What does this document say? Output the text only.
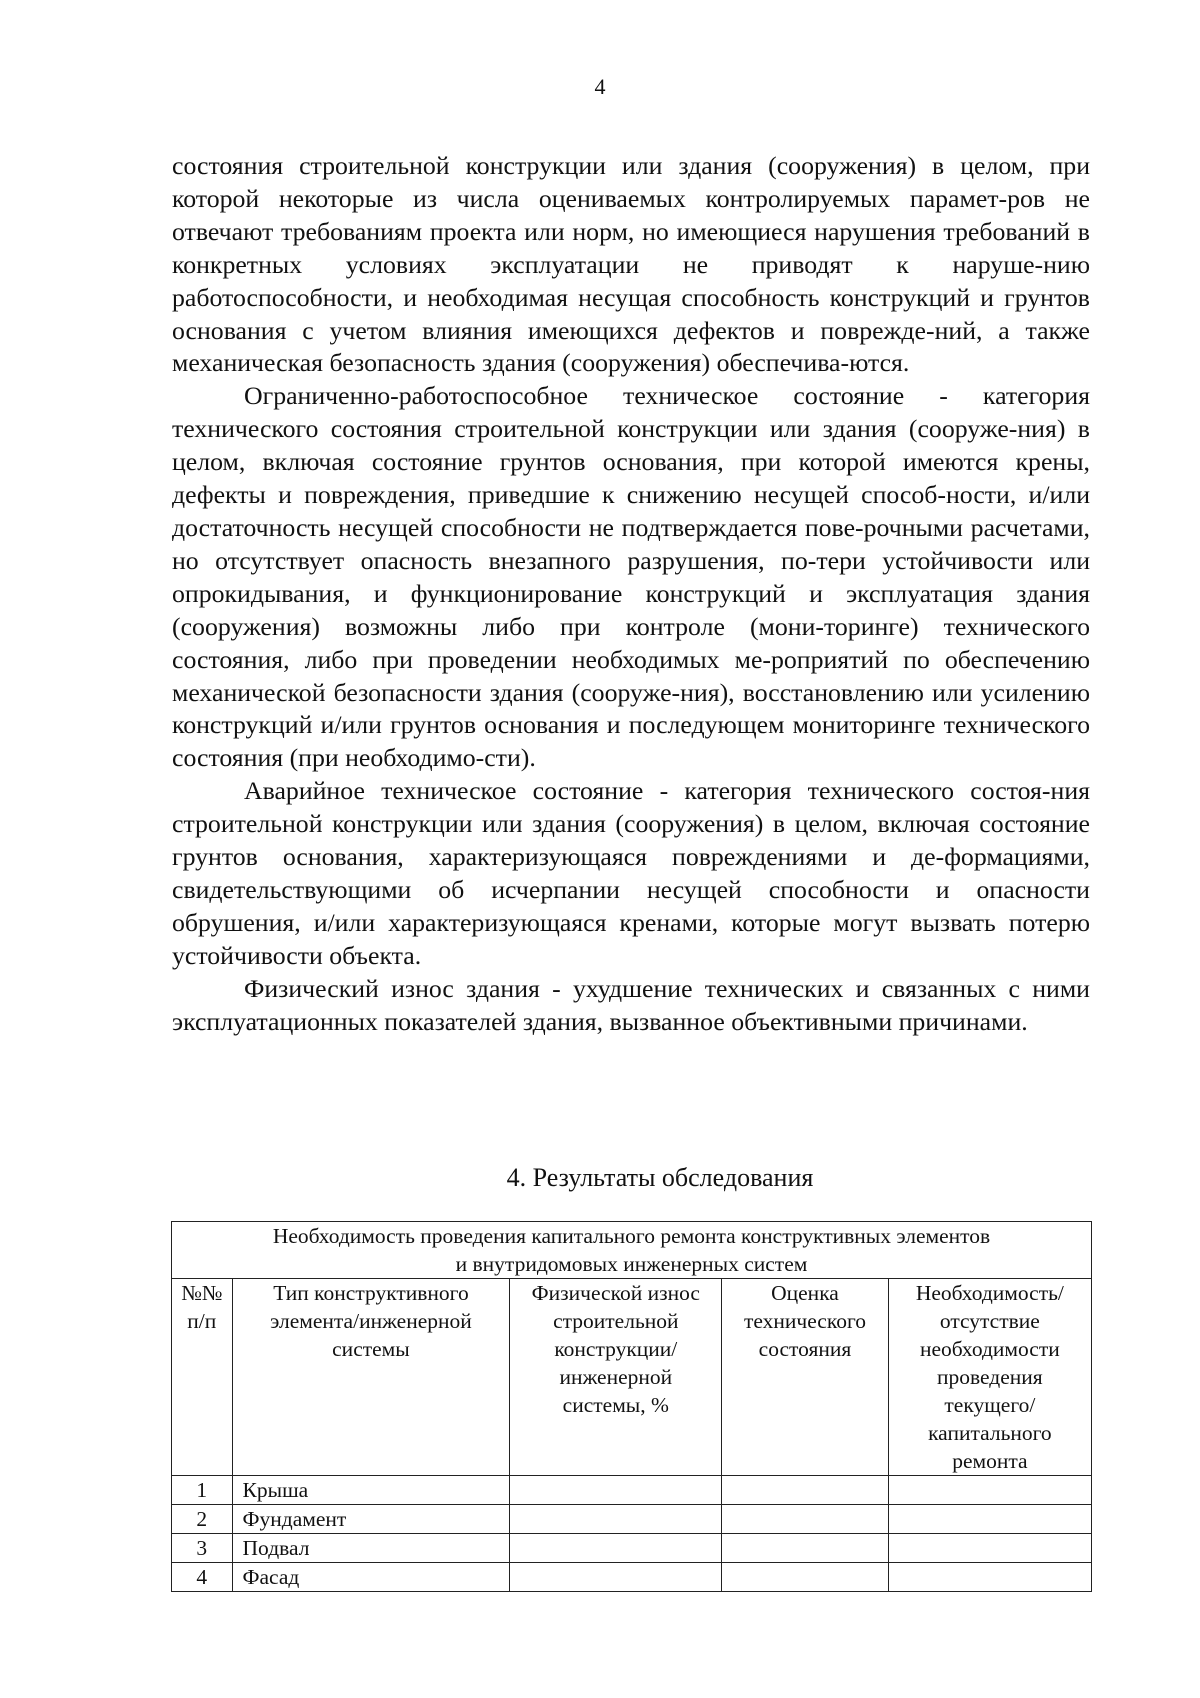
4

состояния строительной конструкции или здания (сооружения) в целом, при которой некоторые из числа оцениваемых контролируемых парамет-ров не отвечают требованиям проекта или норм, но имеющиеся нарушения требований в конкретных условиях эксплуатации не приводят к наруше-нию работоспособности, и необходимая несущая способность конструкций и грунтов основания с учетом влияния имеющихся дефектов и поврежде-ний, а также механическая безопасность здания (сооружения) обеспечива-ются.

Ограниченно-работоспособное техническое состояние - категория технического состояния строительной конструкции или здания (сооруже-ния) в целом, включая состояние грунтов основания, при которой имеются крены, дефекты и повреждения, приведшие к снижению несущей способ-ности, и/или достаточность несущей способности не подтверждается пове-рочными расчетами, но отсутствует опасность внезапного разрушения, по-тери устойчивости или опрокидывания, и функционирование конструкций и эксплуатация здания (сооружения) возможны либо при контроле (мони-торинге) технического состояния, либо при проведении необходимых ме-роприятий по обеспечению механической безопасности здания (сооруже-ния), восстановлению или усилению конструкций и/или грунтов основания и последующем мониторинге технического состояния (при необходимо-сти).

Аварийное техническое состояние - категория технического состоя-ния строительной конструкции или здания (сооружения) в целом, включая состояние грунтов основания, характеризующаяся повреждениями и де-формациями, свидетельствующими об исчерпании несущей способности и опасности обрушения, и/или характеризующаяся кренами, которые могут вызвать потерю устойчивости объекта.

Физический износ здания - ухудшение технических и связанных с ними эксплуатационных показателей здания, вызванное объективными причинами.

4. Результаты обследования
Необходимость проведения капитального ремонта конструктивных элементов
и внутридомовых инженерных систем				
№№ п/п	Тип конструктивного элемента/инженерной системы	Физической износ строительной конструкции/ инженерной системы, %	Оценка технического состояния	Необходимость/ отсутствие необходимости проведения текущего/ капитального ремонта
1	Крыша			
2	Фундамент			
3	Подвал			
4	Фасад			
